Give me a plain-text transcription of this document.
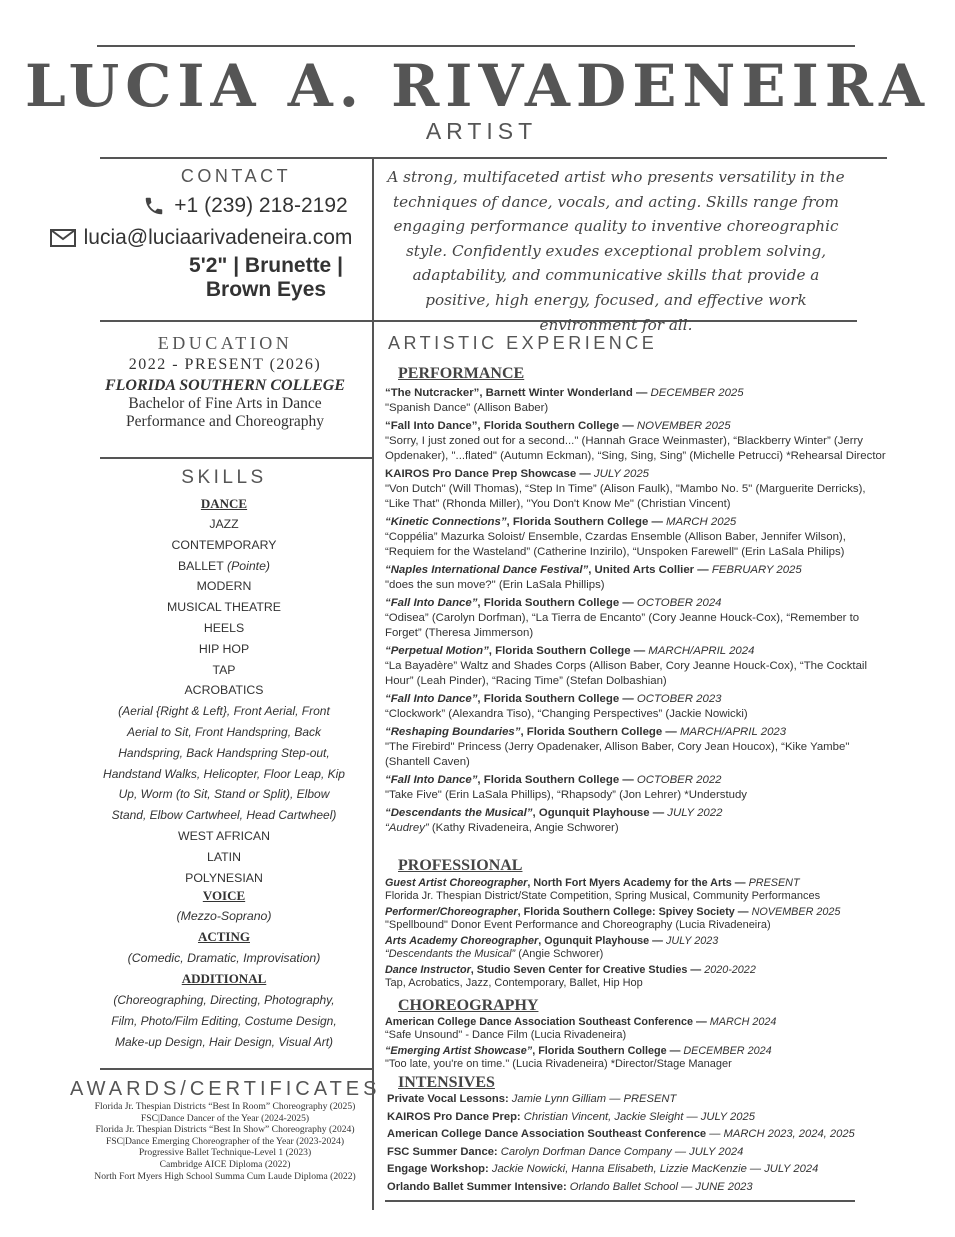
LUCIA A. RIVADENEIRA
ARTIST
CONTACT
+1 (239) 218-2192
lucia@luciaarivadeneira.com
5'2" | Brunette | Brown Eyes
A strong, multifaceted artist who presents versatility in the techniques of dance, vocals, and acting. Skills range from engaging performance quality to inventive choreographic style. Confidently exudes exceptional problem solving, adaptability, and communicative skills that provide a positive, high energy, focused, and effective work environment for all.
EDUCATION
2022 - PRESENT (2026)
FLORIDA SOUTHERN COLLEGE
Bachelor of Fine Arts in Dance Performance and Choreography
SKILLS
DANCE
JAZZ
CONTEMPORARY
BALLET (Pointe)
MODERN
MUSICAL THEATRE
HEELS
HIP HOP
TAP
ACROBATICS
(Aerial {Right & Left}, Front Aerial, Front Aerial to Sit, Front Handspring, Back Handspring, Back Handspring Step-out, Handstand Walks, Helicopter, Floor Leap, Kip Up, Worm (to Sit, Stand or Split), Elbow Stand, Elbow Cartwheel, Head Cartwheel)
WEST AFRICAN
LATIN
POLYNESIAN
VOICE
(Mezzo-Soprano)
ACTING
(Comedic, Dramatic, Improvisation)
ADDITIONAL
(Choreographing, Directing, Photography, Film, Photo/Film Editing, Costume Design, Make-up Design, Hair Design, Visual Art)
AWARDS/CERTIFICATES
Florida Jr. Thespian Districts “Best In Room” Choreography (2025)
FSC|Dance Dancer of the Year (2024-2025)
Florida Jr. Thespian Districts “Best In Show” Choreography (2024)
FSC|Dance Emerging Choreographer of the Year (2023-2024)
Progressive Ballet Technique-Level 1 (2023)
Cambridge AICE Diploma (2022)
North Fort Myers High School Summa Cum Laude Diploma (2022)
ARTISTIC EXPERIENCE
PERFORMANCE
“The Nutcracker”, Barnett Winter Wonderland — DECEMBER 2025
"Spanish Dance" (Allison Baber)
“Fall Into Dance”, Florida Southern College — NOVEMBER 2025
"Sorry, I just zoned out for a second..." (Hannah Grace Weinmaster), “Blackberry Winter” (Jerry Opdenaker), "...flated" (Autumn Eckman), “Sing, Sing, Sing” (Michelle Petrucci) *Rehearsal Director
KAIROS Pro Dance Prep Showcase — JULY 2025
"Von Dutch" (Will Thomas), “Step In Time” (Alison Faulk), "Mambo No. 5" (Marguerite Derricks), “Like That” (Rhonda Miller), "You Don't Know Me" (Christian Vincent)
“Kinetic Connections”, Florida Southern College — MARCH 2025
“Coppélia” Mazurka Soloist/ Ensemble, Czardas Ensemble (Allison Baber, Jennifer Wilson), “Requiem for the Wasteland” (Catherine Inzirilo), “Unspoken Farewell" (Erin LaSala Philips)
“Naples International Dance Festival”, United Arts Collier — FEBRUARY 2025
"does the sun move?" (Erin LaSala Phillips)
“Fall Into Dance”, Florida Southern College — OCTOBER 2024
“Odisea” (Carolyn Dorfman), “La Tierra de Encanto” (Cory Jeanne Houck-Cox), “Remember to Forget” (Theresa Jimmerson)
“Perpetual Motion”, Florida Southern College — MARCH/APRIL 2024
“La Bayadère” Waltz and Shades Corps (Allison Baber, Cory Jeanne Houck-Cox), “The Cocktail Hour” (Leah Pinder), “Racing Time” (Stefan Dolbashian)
“Fall Into Dance”, Florida Southern College — OCTOBER 2023
“Clockwork” (Alexandra Tiso), “Changing Perspectives” (Jackie Nowicki)
“Reshaping Boundaries”, Florida Southern College — MARCH/APRIL 2023
"The Firebird" Princess (Jerry Opadenaker, Allison Baber, Cory Jean Houcox), “Kike Yambe" (Shantell Caven)
“Fall Into Dance”, Florida Southern College — OCTOBER 2022
"Take Five" (Erin LaSala Phillips), “Rhapsody” (Jon Lehrer) *Understudy
“Descendants the Musical”, Ogunquit Playhouse — JULY 2022
“Audrey” (Kathy Rivadeneira, Angie Schworer)
PROFESSIONAL
Guest Artist Choreographer, North Fort Myers Academy for the Arts — PRESENT
Florida Jr. Thespian District/State Competition, Spring Musical, Community Performances
Performer/Choreographer, Florida Southern College: Spivey Society — NOVEMBER 2025
"Spellbound" Donor Event Performance and Choreography (Lucia Rivadeneira)
Arts Academy Choreographer, Ogunquit Playhouse — JULY 2023
“Descendants the Musical” (Angie Schworer)
Dance Instructor, Studio Seven Center for Creative Studies — 2020-2022
Tap, Acrobatics, Jazz, Contemporary, Ballet, Hip Hop
CHOREOGRAPHY
American College Dance Association Southeast Conference — MARCH 2024
“Safe Unsound" - Dance Film (Lucia Rivadeneira)
“Emerging Artist Showcase”, Florida Southern College — DECEMBER 2024
"Too late, you're on time." (Lucia Rivadeneira) *Director/Stage Manager
INTENSIVES
Private Vocal Lessons: Jamie Lynn Gilliam — PRESENT
KAIROS Pro Dance Prep: Christian Vincent, Jackie Sleight — JULY 2025
American College Dance Association Southeast Conference — MARCH 2023, 2024, 2025
FSC Summer Dance: Carolyn Dorfman Dance Company — JULY 2024
Engage Workshop: Jackie Nowicki, Hanna Elisabeth, Lizzie MacKenzie — JULY 2024
Orlando Ballet Summer Intensive: Orlando Ballet School — JUNE 2023
